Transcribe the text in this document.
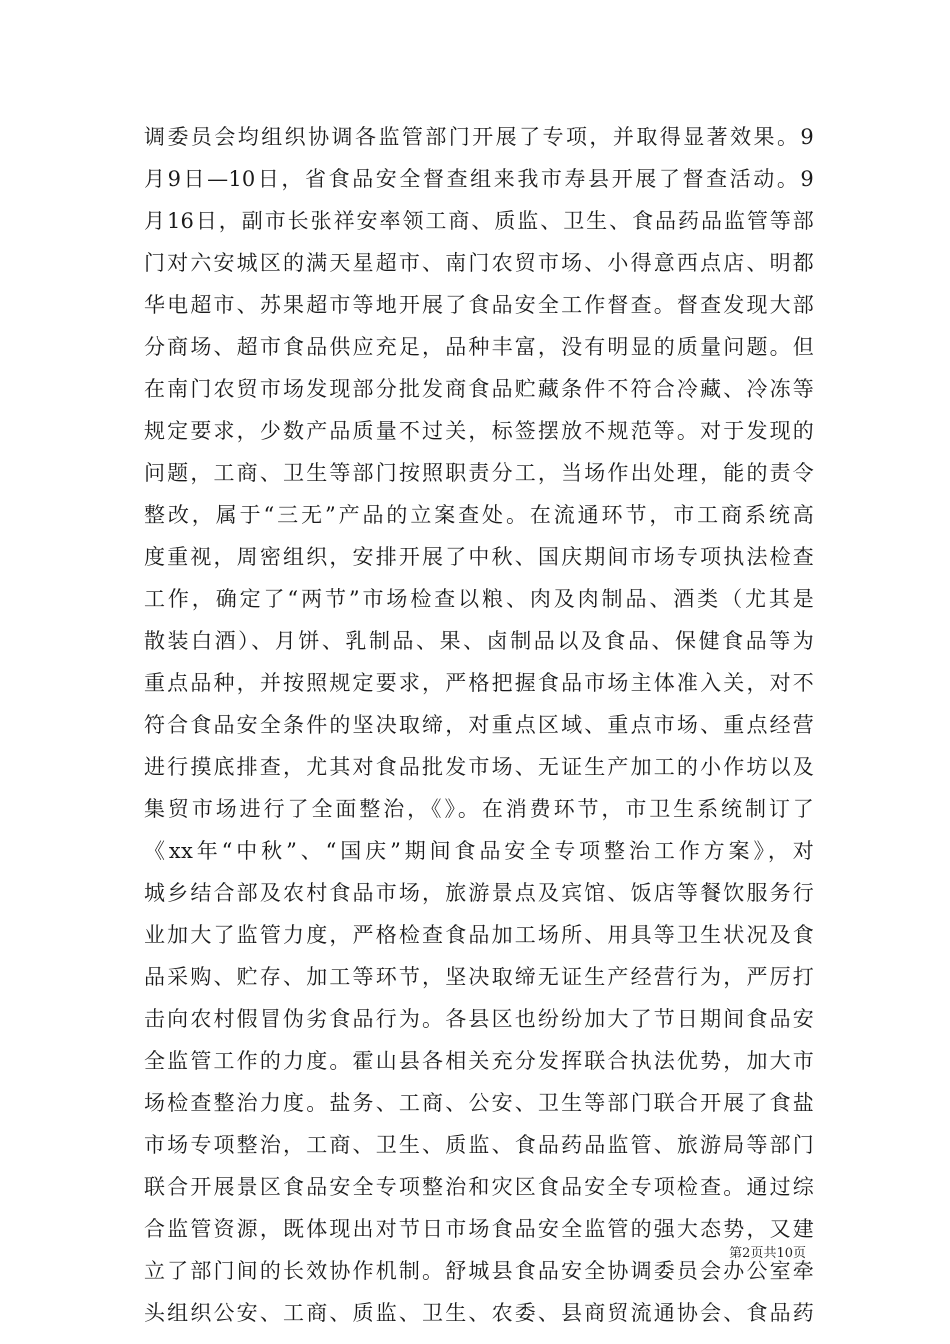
调委员会均组织协调各监管部门开展了专项，并取得显著效果。9
月9日—10日，省食品安全督查组来我市寿县开展了督查活动。9
月16日，副市长张祥安率领工商、质监、卫生、食品药品监管等部
门对六安城区的满天星超市、南门农贸市场、小得意西点店、明都
华电超市、苏果超市等地开展了食品安全工作督查。督查发现大部
分商场、超市食品供应充足，品种丰富，没有明显的质量问题。但
在南门农贸市场发现部分批发商食品贮藏条件不符合冷藏、冷冻等
规定要求，少数产品质量不过关，标签摆放不规范等。对于发现的
问题，工商、卫生等部门按照职责分工，当场作出处理，能的责令
整改，属于“三无”产品的立案查处。在流通环节，市工商系统高
度重视，周密组织，安排开展了中秋、国庆期间市场专项执法检查
工作，确定了“两节”市场检查以粮、肉及肉制品、酒类（尤其是
散装白酒）、月饼、乳制品、果、卤制品以及食品、保健食品等为
重点品种，并按照规定要求，严格把握食品市场主体准入关，对不
符合食品安全条件的坚决取缔，对重点区域、重点市场、重点经营
进行摸底排查，尤其对食品批发市场、无证生产加工的小作坊以及
集贸市场进行了全面整治，《》。在消费环节，市卫生系统制订了
《xx年“中秋”、“国庆”期间食品安全专项整治工作方案》，对
城乡结合部及农村食品市场，旅游景点及宾馆、饭店等餐饮服务行
业加大了监管力度，严格检查食品加工场所、用具等卫生状况及食
品采购、贮存、加工等环节，坚决取缔无证生产经营行为，严厉打
击向农村假冒伪劣食品行为。各县区也纷纷加大了节日期间食品安
全监管工作的力度。霍山县各相关充分发挥联合执法优势，加大市
场检查整治力度。盐务、工商、公安、卫生等部门联合开展了食盐
市场专项整治，工商、卫生、质监、食品药品监管、旅游局等部门
联合开展景区食品安全专项整治和灾区食品安全专项检查。通过综
合监管资源，既体现出对节日市场食品安全监管的强大态势，又建
立了部门间的长效协作机制。舒城县食品安全协调委员会办公室牵
头组织公安、工商、质监、卫生、农委、县商贸流通协会、食品药
第2页共10页
